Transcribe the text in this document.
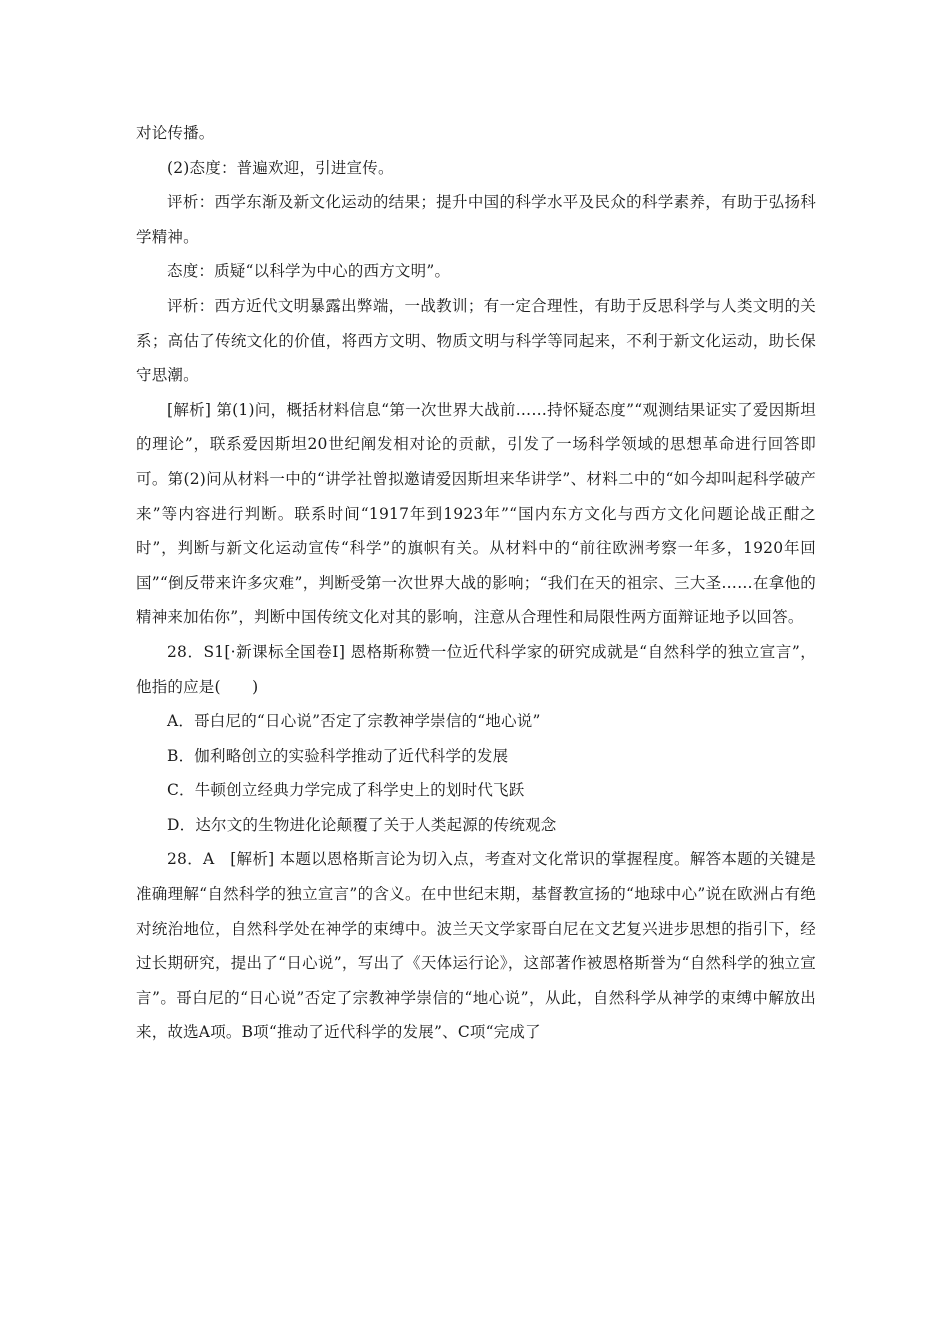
对论传播。

(2)态度：普遍欢迎，引进宣传。

评析：西学东渐及新文化运动的结果；提升中国的科学水平及民众的科学素养，有助于弘扬科学精神。

态度：质疑“以科学为中心的西方文明”。

评析：西方近代文明暴露出弊端，一战教训；有一定合理性，有助于反思科学与人类文明的关系；高估了传统文化的价值，将西方文明、物质文明与科学等同起来，不利于新文化运动，助长保守思潮。

[解析] 第(1)问，概括材料信息“第一次世界大战前……持怀疑态度”“观测结果证实了爱因斯坦的理论”，联系爱因斯坦20世纪阐发相对论的贡献，引发了一场科学领域的思想革命进行回答即可。第(2)问从材料一中的“讲学社曾拟邀请爱因斯坦来华讲学”、材料二中的“如今却叫起科学破产来”等内容进行判断。联系时间“1917年到1923年”“国内东方文化与西方文化问题论战正酣之时”，判断与新文化运动宣传“科学”的旗帜有关。从材料中的“前往欧洲考察一年多，1920年回国”“倒反带来许多灾难”，判断受第一次世界大战的影响；“我们在天的祖宗、三大圣……在拿他的精神来加佑你”，判断中国传统文化对其的影响，注意从合理性和局限性两方面辩证地予以回答。

28．S1[·新课标全国卷Ⅰ] 恩格斯称赞一位近代科学家的研究成就是“自然科学的独立宣言”，他指的应是(　　)

A．哥白尼的“日心说”否定了宗教神学崇信的“地心说”

B．伽利略创立的实验科学推动了近代科学的发展

C．牛顿创立经典力学完成了科学史上的划时代飞跃

D．达尔文的生物进化论颠覆了关于人类起源的传统观念

28．A　[解析] 本题以恩格斯言论为切入点，考查对文化常识的掌握程度。解答本题的关键是准确理解“自然科学的独立宣言”的含义。在中世纪末期，基督教宣扬的“地球中心”说在欧洲占有绝对统治地位，自然科学处在神学的束缚中。波兰天文学家哥白尼在文艺复兴进步思想的指引下，经过长期研究，提出了“日心说”，写出了《天体运行论》，这部著作被恩格斯誉为“自然科学的独立宣言”。哥白尼的“日心说”否定了宗教神学崇信的“地心说”，从此，自然科学从神学的束缚中解放出来，故选A项。B项“推动了近代科学的发展”、C项“完成了
